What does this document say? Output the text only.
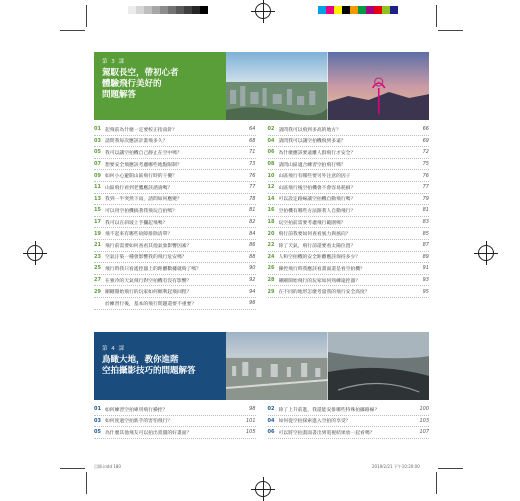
第 3 課
駕馭長空，帶初心者
體驗飛行美好的
問題解答
01 起飛前為什麼一定要校正指南針？	64
03 請問我每次應該計畫飛多久？	68
05 我可以讓空拍機自己靜止在空中嗎？	71
07 想要安全飛應該考慮哪些地點限制？	73
09 如何小心避開山區飛行時的干擾？	76
11 山區飛行看到老鷹應該諮詢嗎？	77
13 我到一半突然下雨，請問如何應變？	78
15 可以用空拍機搞著我飛玩自拍嗎？	81
17 我可以在斜坡上手攔起飛嗎？	82
19 飛不起來有哪些故障排除清單？	84
21 飛行前需要如何查看其他氣象影響因素？	86
23 空氣汙染一種會影響我的飛行危安嗎？	88
25 飛行時我只看遙控器上的距離數據就夠了嗎？	90
27 在強冷的天氣飛行對空拍機有沒有影響？	92
29 剛剛開始飛行的玩家如何順利起飛回程？	94
於練習行後，基本的飛行問題還要不重要？	96
02 請問我可以飛到多高的地方？	66
04 請問我可以讓空拍機飛到多遠？	69
06 為什麼應該要遠離人群飛行才安全？	72
08 請問山區適合練習空拍飛行嗎？	75
10 山區飛行有哪些要另外注意的因子	76
12 山區飛行後空拍機會不會容易耗損？	77
14 可以設定路線讓空拍機自動飛行嗎？	79
16 空拍機有哪些方法跟著人自動飛行？	81
18 玩空拍前需要考慮飛行範圍嗎？	83
20 飛行前我要如何查看風力與風向？	85
22 除了天氣，飛行前還要看太陽位置？	87
24 人和空拍機的安全距離應該保持多少？	89
26 操控飛行時我應該看畫面還是看空拍機？	91
28 剛剛開始飛行的玩家如何熟練遠控器？	93
29 在不同的地形怎麼考量我的飛行安全高度？	95
第 4 課
鳥瞰大地，教你進階
空拍攝影技巧的問題解答
01 如何練習空拍專用飛行操控？	98
03 如何度過空拍新手的害怕飛行？	101
05 為什麼其他飛友可以拍出寬闊的好畫面？	105
02 除了上升前進，我還能安排哪些特殊拍攝路線？	100
04 如何從空拍探索進入空拍的享受？	103
06 可以將空拍畫面書出到電視結果放一起看嗎？	107
目錄.indd 180	2019/2/21 下午10:20:00
